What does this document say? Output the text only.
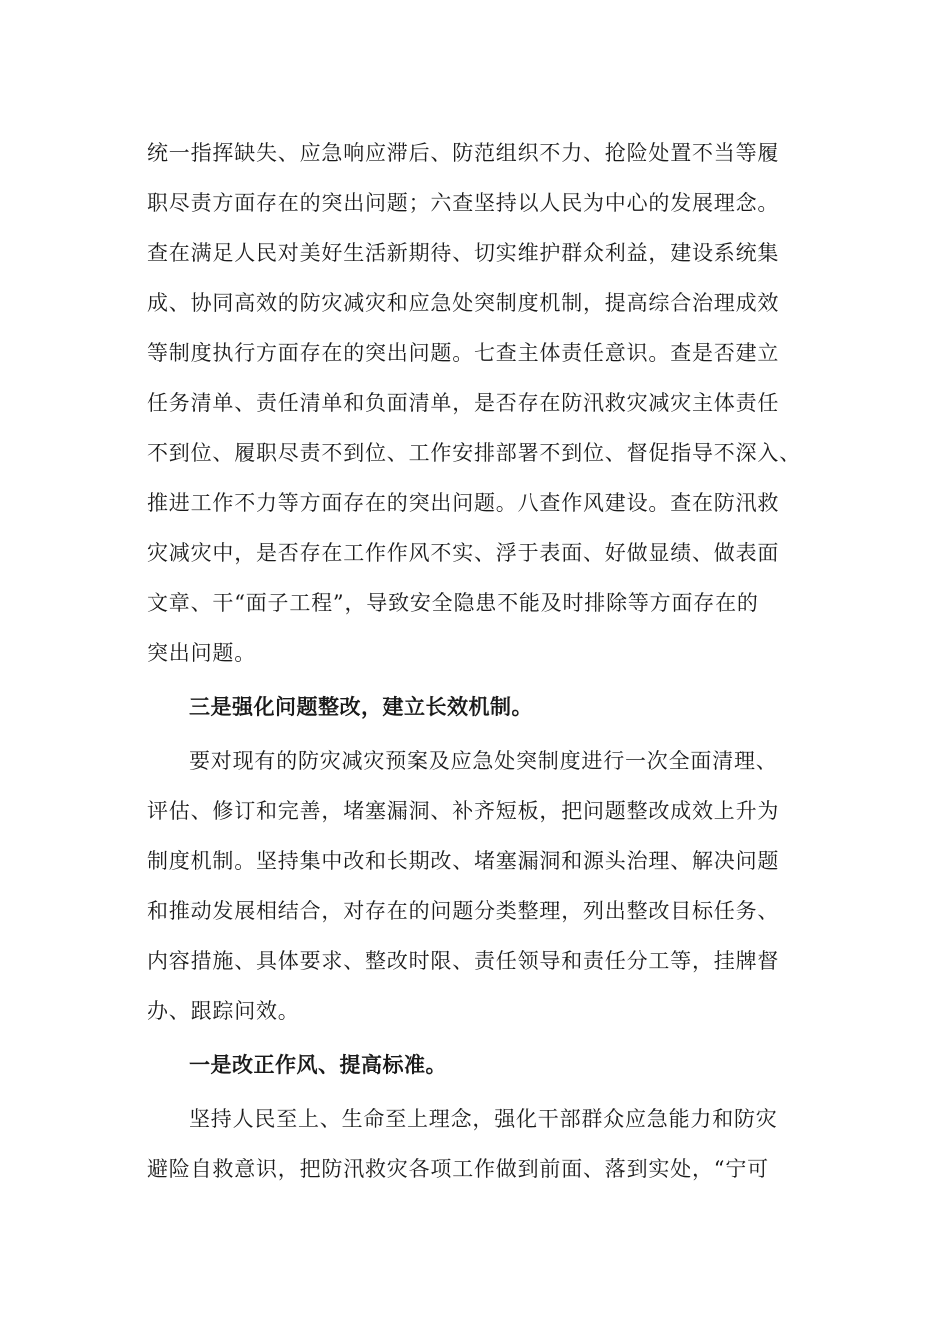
统一指挥缺失、应急响应滞后、防范组织不力、抢险处置不当等履
职尽责方面存在的突出问题；六查坚持以人民为中心的发展理念。
查在满足人民对美好生活新期待、切实维护群众利益，建设系统集
成、协同高效的防灾减灾和应急处突制度机制，提高综合治理成效
等制度执行方面存在的突出问题。七查主体责任意识。查是否建立
任务清单、责任清单和负面清单，是否存在防汛救灾减灾主体责任
不到位、履职尽责不到位、工作安排部署不到位、督促指导不深入、
推进工作不力等方面存在的突出问题。八查作风建设。查在防汛救
灾减灾中，是否存在工作作风不实、浮于表面、好做显绩、做表面
文章、干“面子工程”，导致安全隐患不能及时排除等方面存在的
突出问题。
三是强化问题整改，建立长效机制。
要对现有的防灾减灾预案及应急处突制度进行一次全面清理、
评估、修订和完善，堵塞漏洞、补齐短板，把问题整改成效上升为
制度机制。坚持集中改和长期改、堵塞漏洞和源头治理、解决问题
和推动发展相结合，对存在的问题分类整理，列出整改目标任务、
内容措施、具体要求、整改时限、责任领导和责任分工等，挂牌督
办、跟踪问效。
一是改正作风、提高标准。
坚持人民至上、生命至上理念，强化干部群众应急能力和防灾
避险自救意识，把防汛救灾各项工作做到前面、落到实处，“宁可
